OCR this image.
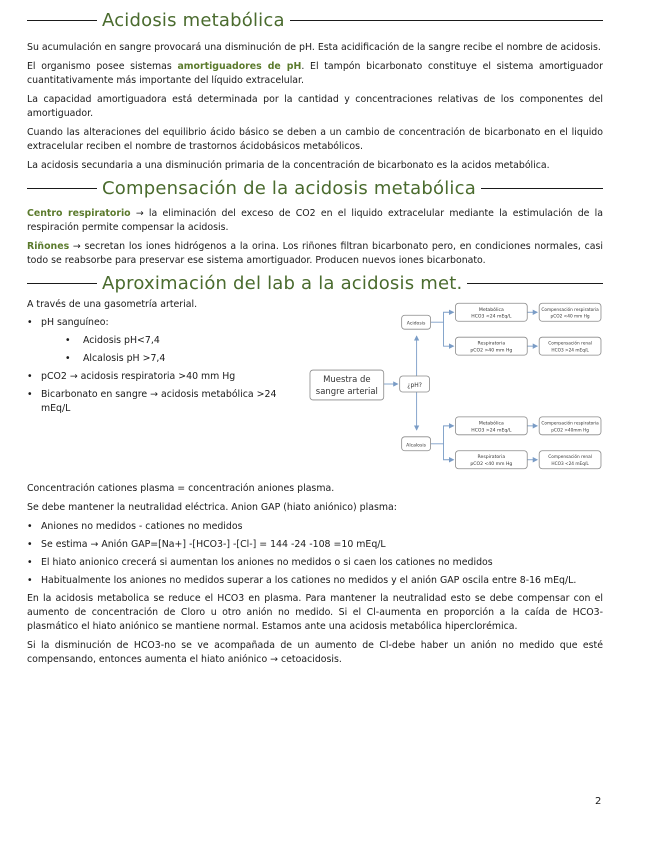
Acidosis metabólica

Su acumulación en sangre provocará una disminución de pH. Esta acidificación de la sangre recibe el nombre de acidosis.

El organismo posee sistemas amortiguadores de pH. El tampón bicarbonato constituye el sistema amortiguador cuantitativamente más importante del líquido extracelular.

La capacidad amortiguadora está determinada por la cantidad y concentraciones relativas de los componentes del amortiguador.

Cuando las alteraciones del equilibrio ácido básico se deben a un cambio de concentración de bicarbonato en el liquido extracelular reciben el nombre de trastornos ácidobásicos metabólicos.

La acidosis secundaria a una disminución primaria de la concentración de bicarbonato es la acidos metabólica.

Compensación de la acidosis metabólica

Centro respiratorio → la eliminación del exceso de CO2 en el liquido extracelular mediante la estimulación de la respiración permite compensar la acidosis.

Riñones → secretan los iones hidrógenos a la orina. Los riñones filtran bicarbonato pero, en condiciones normales, casi todo se reabsorbe para preservar ese sistema amortiguador. Producen nuevos iones bicarbonato.

Aproximación del lab a la acidosis met.

A través de una gasometría arterial.

• pH sanguíneo:
• Acidosis pH<7,4
• Alcalosis pH >7,4
• pCO2 → acidosis respiratoria >40 mm Hg
• Bicarbonato en sangre → acidosis metabólica >24 mEq/L
Muestra de
sangre arterial
¿pH?
Acidosis
Alcalosis
Metabólica
HCO3 <24 mEq/L
Respiratoria
pCO2 >40 mm Hg
Metabólica
HCO3 >24 mEq/L
Respiratoria
pCO2 <40 mm Hg
Compensación respiratoria
pCO2 <40 mm Hg
Compensación renal
HCO3 >24 mEq/L
Compensación respiratoria
pCO2 >40mm Hg
Compensación renal
HCO3 <24 mEq/L

Concentración cationes plasma = concentración aniones plasma.

Se debe mantener la neutralidad eléctrica. Anion GAP (hiato aniónico) plasma:

• Aniones no medidos - cationes no medidos
• Se estima → Anión GAP=[Na+] -[HCO3-] -[Cl-] = 144 -24 -108 =10 mEq/L
• El hiato anionico crecerá si aumentan los aniones no medidos o si caen los cationes no medidos
• Habitualmente los aniones no medidos superar a los cationes no medidos y el anión GAP oscila entre 8-16 mEq/L.

En la acidosis metabolica se reduce el HCO3 en plasma. Para mantener la neutralidad esto se debe compensar con el aumento de concentración de Cloro u otro anión no medido. Si el Cl-aumenta en proporción a la caída de HCO3-plasmático el hiato aniónico se mantiene normal. Estamos ante una acidosis metabólica hiperclorémica.

Si la disminución de HCO3-no se ve acompañada de un aumento de Cl-debe haber un anión no medido que esté compensando, entonces aumenta el hiato aniónico → cetoacidosis.

2
